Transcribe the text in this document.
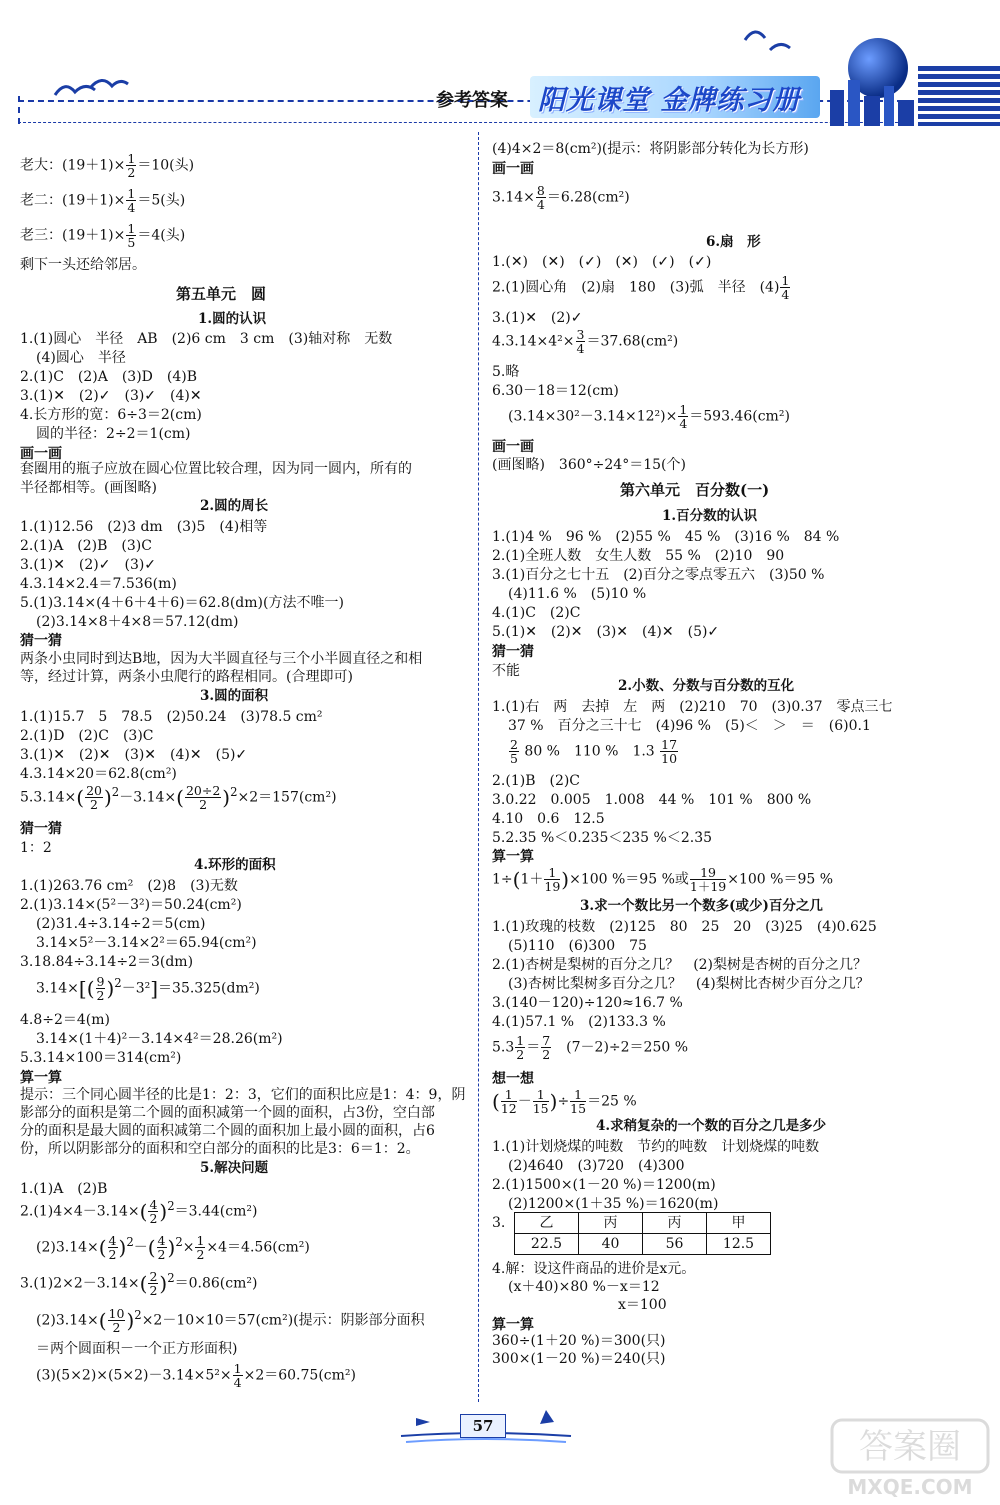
参考答案 阳光课堂 金牌练习册
老大：$(19+1)\times \frac{1}{2} =10$(头)
老二：$(19+1)\times \frac{1}{4} =5$(头)
老三：$(19+1)\times \frac{1}{5} =4$(头)
剩下一头还给邻居。
第五单元　圆
1.圆的认识
1.(1)圆心　半径　AB　(2)6 cm　3 cm　(3)轴对称　无数
(4)圆心　半径
2.(1)C　(2)A　(3)D　(4)B
3.(1)✕　(2)✓　(3)✓　(4)✕
4.长方形的宽：6÷3＝2(cm)
圆的半径：2÷2＝1(cm)
画一画
套圈用的瓶子应放在圆心位置比较合理，因为同一圆内，所有的
半径都相等。(画图略)
2.圆的周长
1.(1)12.56　(2)3 dm　(3)5　(4)相等
2.(1)A　(2)B　(3)C
3.(1)✕　(2)✓　(3)✓
4.3.14×2.4＝7.536(m)
5.(1)3.14×(4＋6＋4＋6)＝62.8(dm)(方法不唯一)
(2)3.14×8＋4×8＝57.12(dm)
猜一猜
两条小虫同时到达B地，因为大半圆直径与三个小半圆直径之和相
等，经过计算，两条小虫爬行的路程相同。(合理即可)
3.圆的面积
1.(1)15.7　5　78.5　(2)50.24　(3)78.5 cm²
2.(1)D　(2)C　(3)C
3.(1)✕　(2)✕　(3)✕　(4)✕　(5)✓
4.3.14×20＝62.8(cm²)
$5.3.14\times( \frac{20}{2} )^2-3.14\times( \frac{20\div 2}{2} )^2\times 2=157(cm^2)$
猜一猜
1：2
4.环形的面积
1.(1)263.76 cm²　(2)8　(3)无数
2.(1)3.14×(5²－3²)＝50.24(cm²)
(2)31.4÷3.14÷2＝5(cm)
3.14×5²－3.14×2²＝65.94(cm²)
3.18.84÷3.14÷2＝3(dm)
$3.14\times[( \frac{9}{2} )^2-3^2]=35.325(dm^2)$
4.8÷2＝4(m)
3.14×(1＋4)²－3.14×4²＝28.26(m²)
5.3.14×100＝314(cm²)
算一算
提示：三个同心圆半径的比是1：2：3，它们的面积比应是1：4：9，阴
影部分的面积是第二个圆的面积减第一个圆的面积，占3份，空白部
分的面积是最大圆的面积减第二个圆的面积加上最小圆的面积，占6
份，所以阴影部分的面积和空白部分的面积的比是3：6＝1：2。
5.解决问题
1.(1)A　(2)B
$2.(1)4\times 4-3.14\times( \frac{4}{2} )^2=3.44(cm^2)$
$(2)3.14\times( \frac{4}{2} )^2-( \frac{4}{2} )^2\times \frac{1}{2} \times 4=4.56(cm^2)$
$3.(1)2\times 2-3.14\times( \frac{2}{2} )^2=0.86(cm^2)$
$(2)3.14\times( \frac{10}{2} )^2\times 2-10\times 10=57(cm^2)$(提示：阴影部分面积
＝两个圆面积－一个正方形面积)
$(3)(5\times 2)\times(5\times 2)-3.14\times 5^2\times \frac{1}{4} \times 2=60.75(cm^2)$
(4)4×2＝8(cm²)(提示：将阴影部分转化为长方形)
画一画
$3.14\times \frac{8}{4} =6.28(cm^2)$
6.扇　形
1.(✕)　(✕)　(✓)　(✕)　(✓)　(✓)
2.(1)圆心角　(2)扇　180　(3)弧　半径　$(4) \frac{1}{4}$
3.(1)✕　(2)✓
$4.3.14\times 4^2\times \frac{3}{4} =37.68(cm^2)$
5.略
6.30－18＝12(cm)
$(3.14\times 30^2-3.14\times 12^2)\times \frac{1}{4} =593.46(cm^2)$
画一画
(画图略)　360°÷24°＝15(个)
第六单元　百分数(一)
1.百分数的认识
1.(1)4 %　96 %　(2)55 %　45 %　(3)16 %　84 %
2.(1)全班人数　女生人数　55 %　(2)10　90
3.(1)百分之七十五　(2)百分之零点零五六　(3)50 %
(4)11.6 %　(5)10 %
4.(1)C　(2)C
5.(1)✕　(2)✕　(3)✕　(4)✕　(5)✓
猜一猜
不能
2.小数、分数与百分数的互化
1.(1)右　两　去掉　左　两　(2)210　70　(3)0.37　零点三七
37 %　百分之三十七　(4)96 %　(5)＜　＞　＝　(6)0.1
$\frac{2}{5} 80$ %　110 %　$1.3 \frac{17}{10}$
2.(1)B　(2)C
3.0.22　0.005　1.008　44 %　101 %　800 %
4.10　0.6　12.5
5.2.35 %＜0.235＜235 %＜2.3̇5̇
算一算
$1\div(1+ \frac{1}{19} )\times 100$ %＝95 %或 $\frac{19}{1+19} \times 100$ %＝95 %
3.求一个数比另一个数多(或少)百分之几
1.(1)玫瑰的枝数　(2)125　80　25　20　(3)25　(4)0.625
(5)110　(6)300　75
2.(1)杏树是梨树的百分之几？　(2)梨树是杏树的百分之几？
(3)杏树比梨树多百分之几？　(4)梨树比杏树少百分之几？
3.(140－120)÷120≈16.7 %
4.(1)57.1 %　(2)133.3 %
$5.3 \frac{1}{2} = \frac{7}{2}$
　 (7－2)÷2＝250 %
想一想
( $\frac{1}{12} - \frac{1}{15}$ )÷ $\frac{1}{15} =25$ %
4.求稍复杂的一个数的百分之几是多少
1.(1)计划烧煤的吨数　节约的吨数　计划烧煤的吨数
(2)4640　(3)720　(4)300
2.(1)1500×(1－20 %)＝1200(m)
(2)1200×(1＋35 %)＝1620(m)
3. 乙	丙	丙	甲
22.5	40	56	12.5
4.解：设这件商品的进价是x元。
(x＋40)×80 %－x＝12
x＝100
算一算
360÷(1＋20 %)＝300(只)
300×(1－20 %)＝240(只)
57
答案圈
MXQE.COM
